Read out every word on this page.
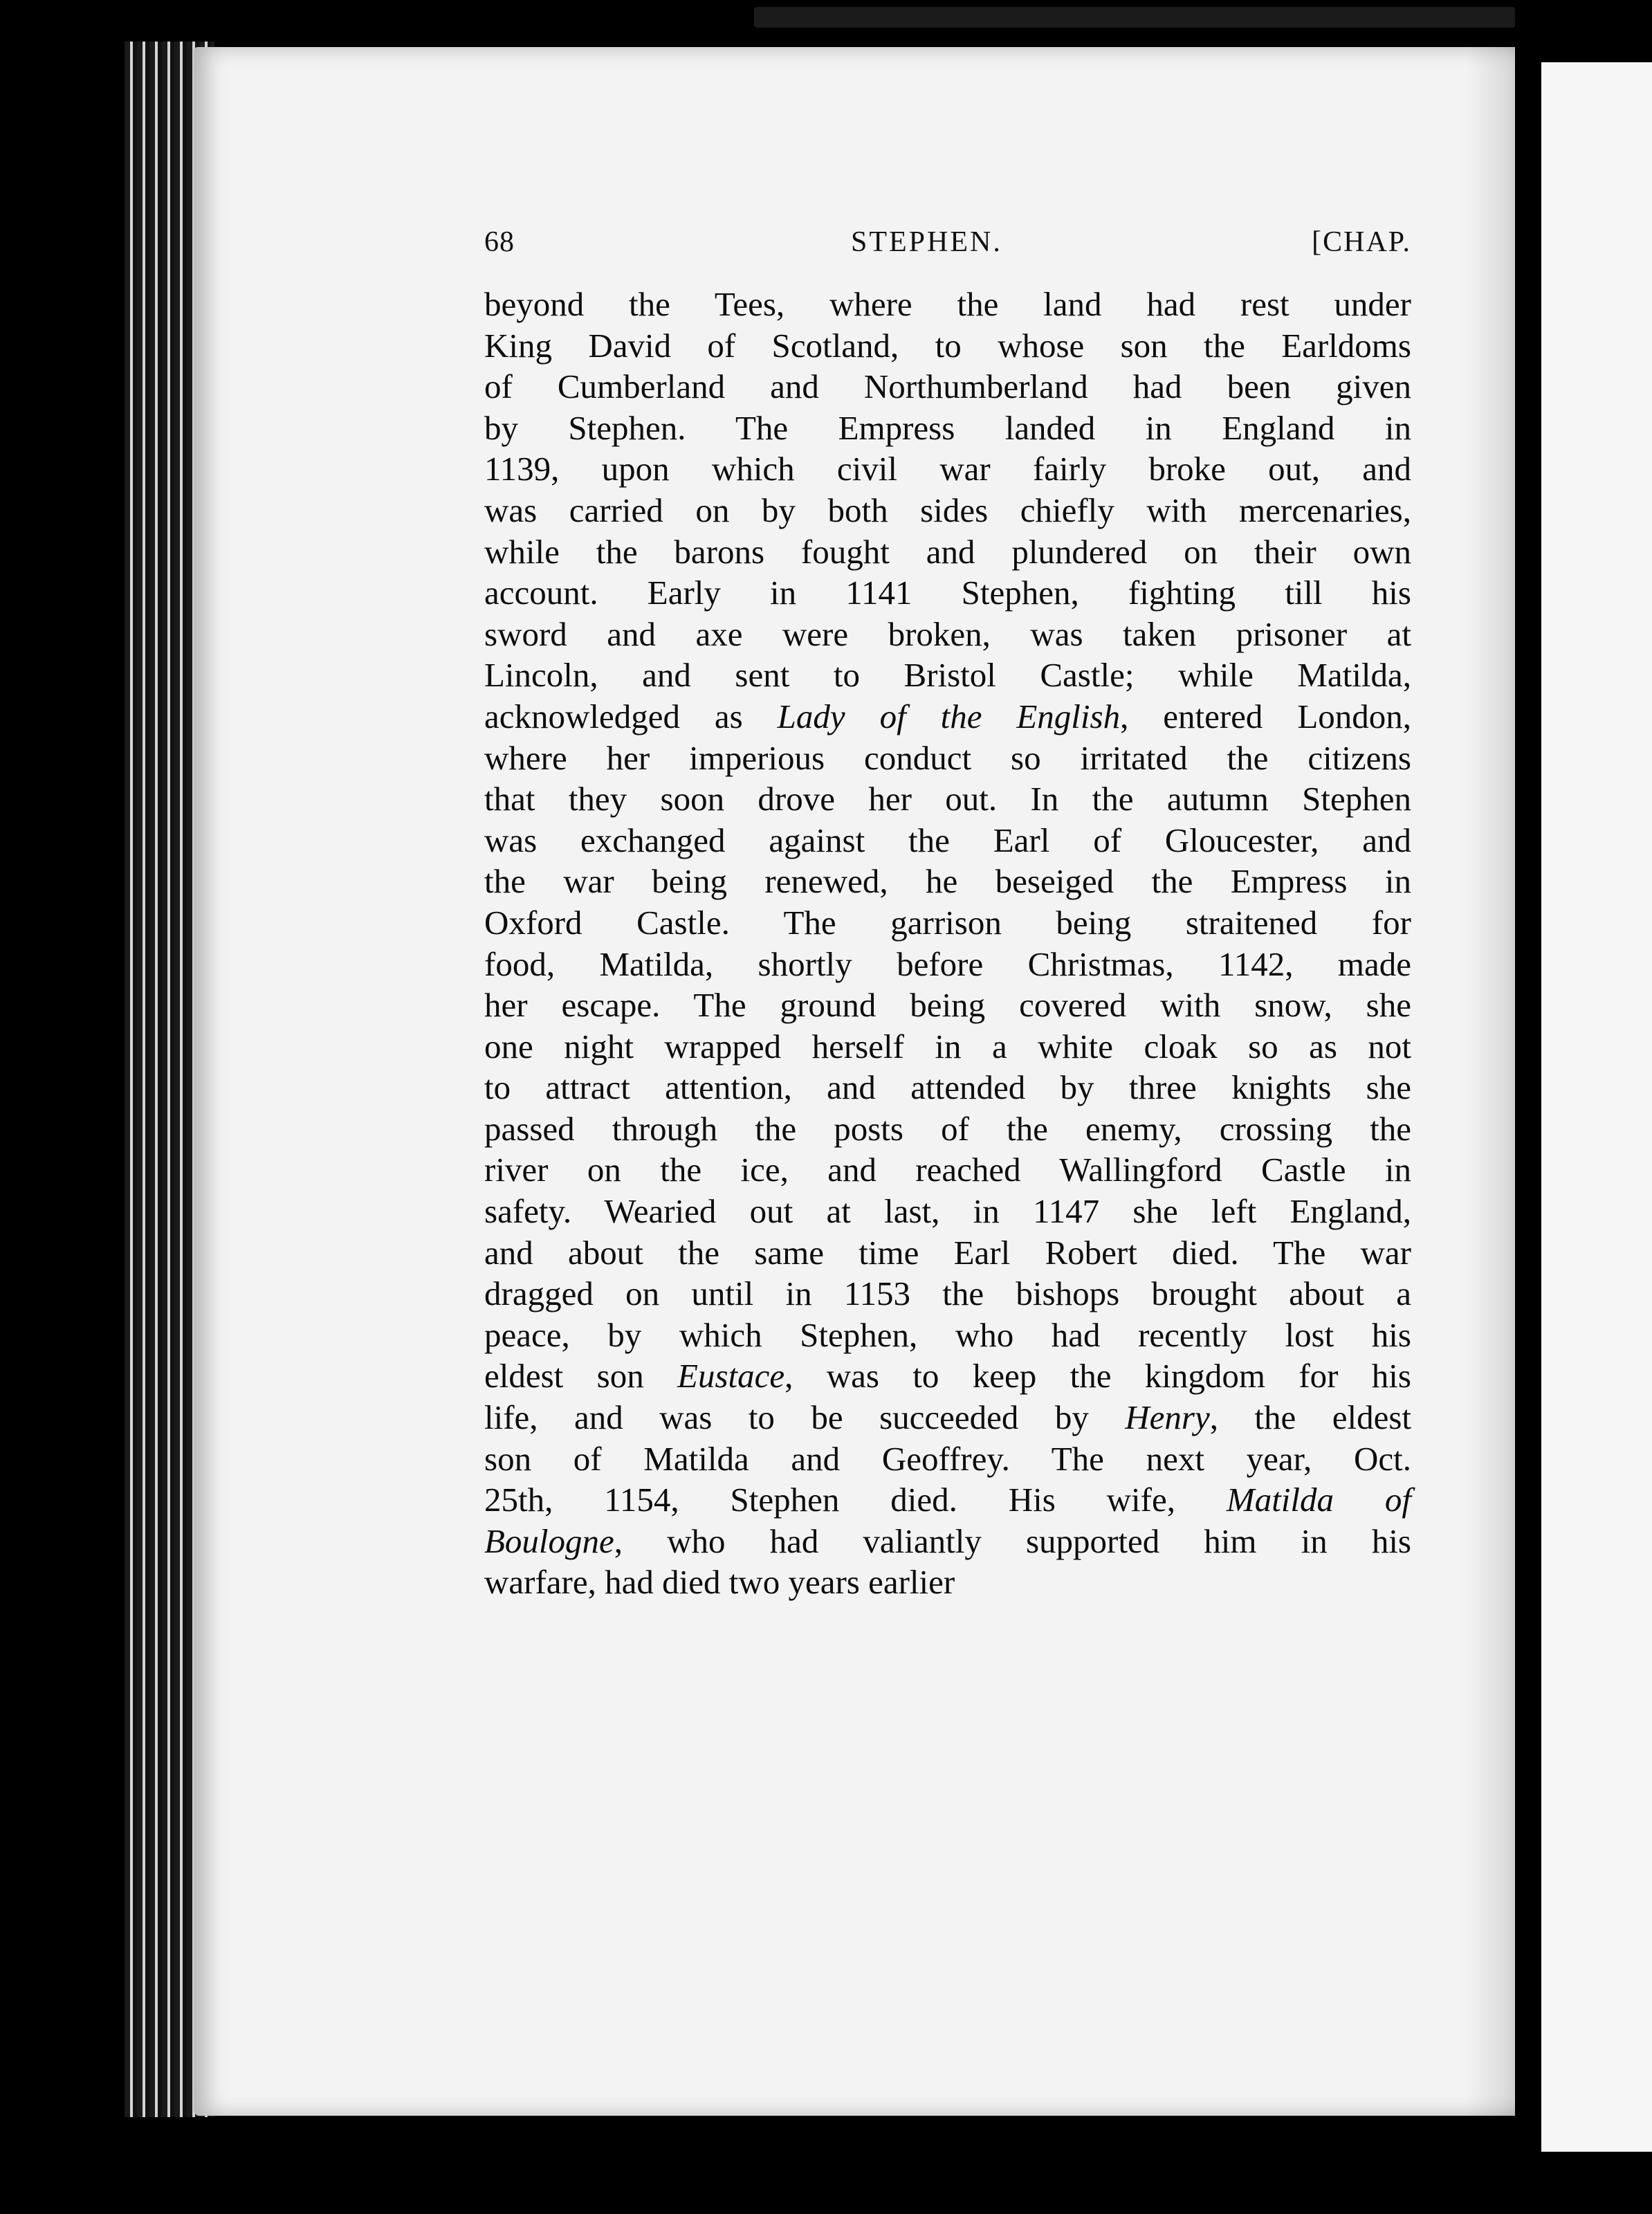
68	STEPHEN.	[CHAP.
beyond the Tees, where the land had rest under
King David of Scotland, to whose son the Earldoms
of Cumberland and Northumberland had been given
by Stephen. The Empress landed in England in
1139, upon which civil war fairly broke out, and
was carried on by both sides chiefly with mercenaries,
while the barons fought and plundered on their own
account. Early in 1141 Stephen, fighting till his
sword and axe were broken, was taken prisoner at
Lincoln, and sent to Bristol Castle; while Matilda,
acknowledged as Lady of the English, entered London,
where her imperious conduct so irritated the citizens
that they soon drove her out. In the autumn Stephen
was exchanged against the Earl of Gloucester, and
the war being renewed, he beseiged the Empress in
Oxford Castle. The garrison being straitened for
food, Matilda, shortly before Christmas, 1142, made
her escape. The ground being covered with snow, she
one night wrapped herself in a white cloak so as not
to attract attention, and attended by three knights she
passed through the posts of the enemy, crossing the
river on the ice, and reached Wallingford Castle in
safety. Wearied out at last, in 1147 she left England,
and about the same time Earl Robert died. The war
dragged on until in 1153 the bishops brought about a
peace, by which Stephen, who had recently lost his
eldest son Eustace, was to keep the kingdom for his
life, and was to be succeeded by Henry, the eldest
son of Matilda and Geoffrey. The next year, Oct.
25th, 1154, Stephen died. His wife, Matilda of
Boulogne, who had valiantly supported him in his
warfare, had died two years earlier
